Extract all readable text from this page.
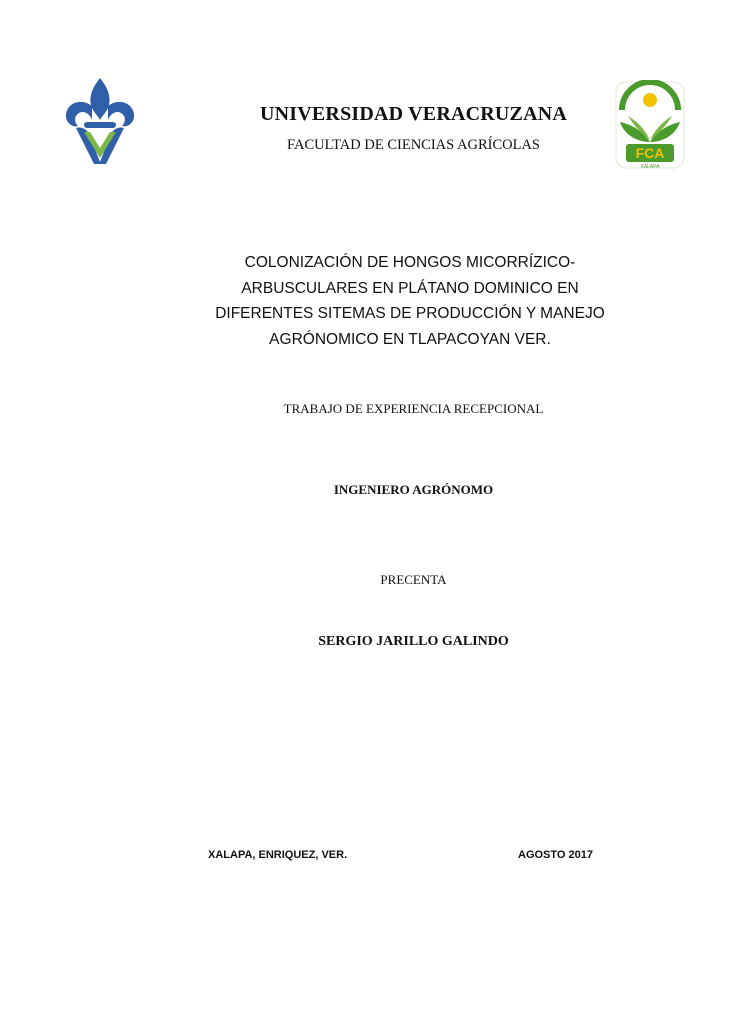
FCA
XALAPA
UNIVERSIDAD VERACRUZANA
FACULTAD DE CIENCIAS AGRÍCOLAS
COLONIZACIÓN DE HONGOS MICORRÍZICO-
ARBUSCULARES EN PLÁTANO DOMINICO EN
DIFERENTES SITEMAS DE PRODUCCIÓN Y MANEJO
AGRÓNOMICO EN TLAPACOYAN VER.
TRABAJO DE EXPERIENCIA RECEPCIONAL
INGENIERO AGRÓNOMO
PRECENTA
SERGIO JARILLO GALINDO
XALAPA, ENRIQUEZ, VER.	AGOSTO 2017
